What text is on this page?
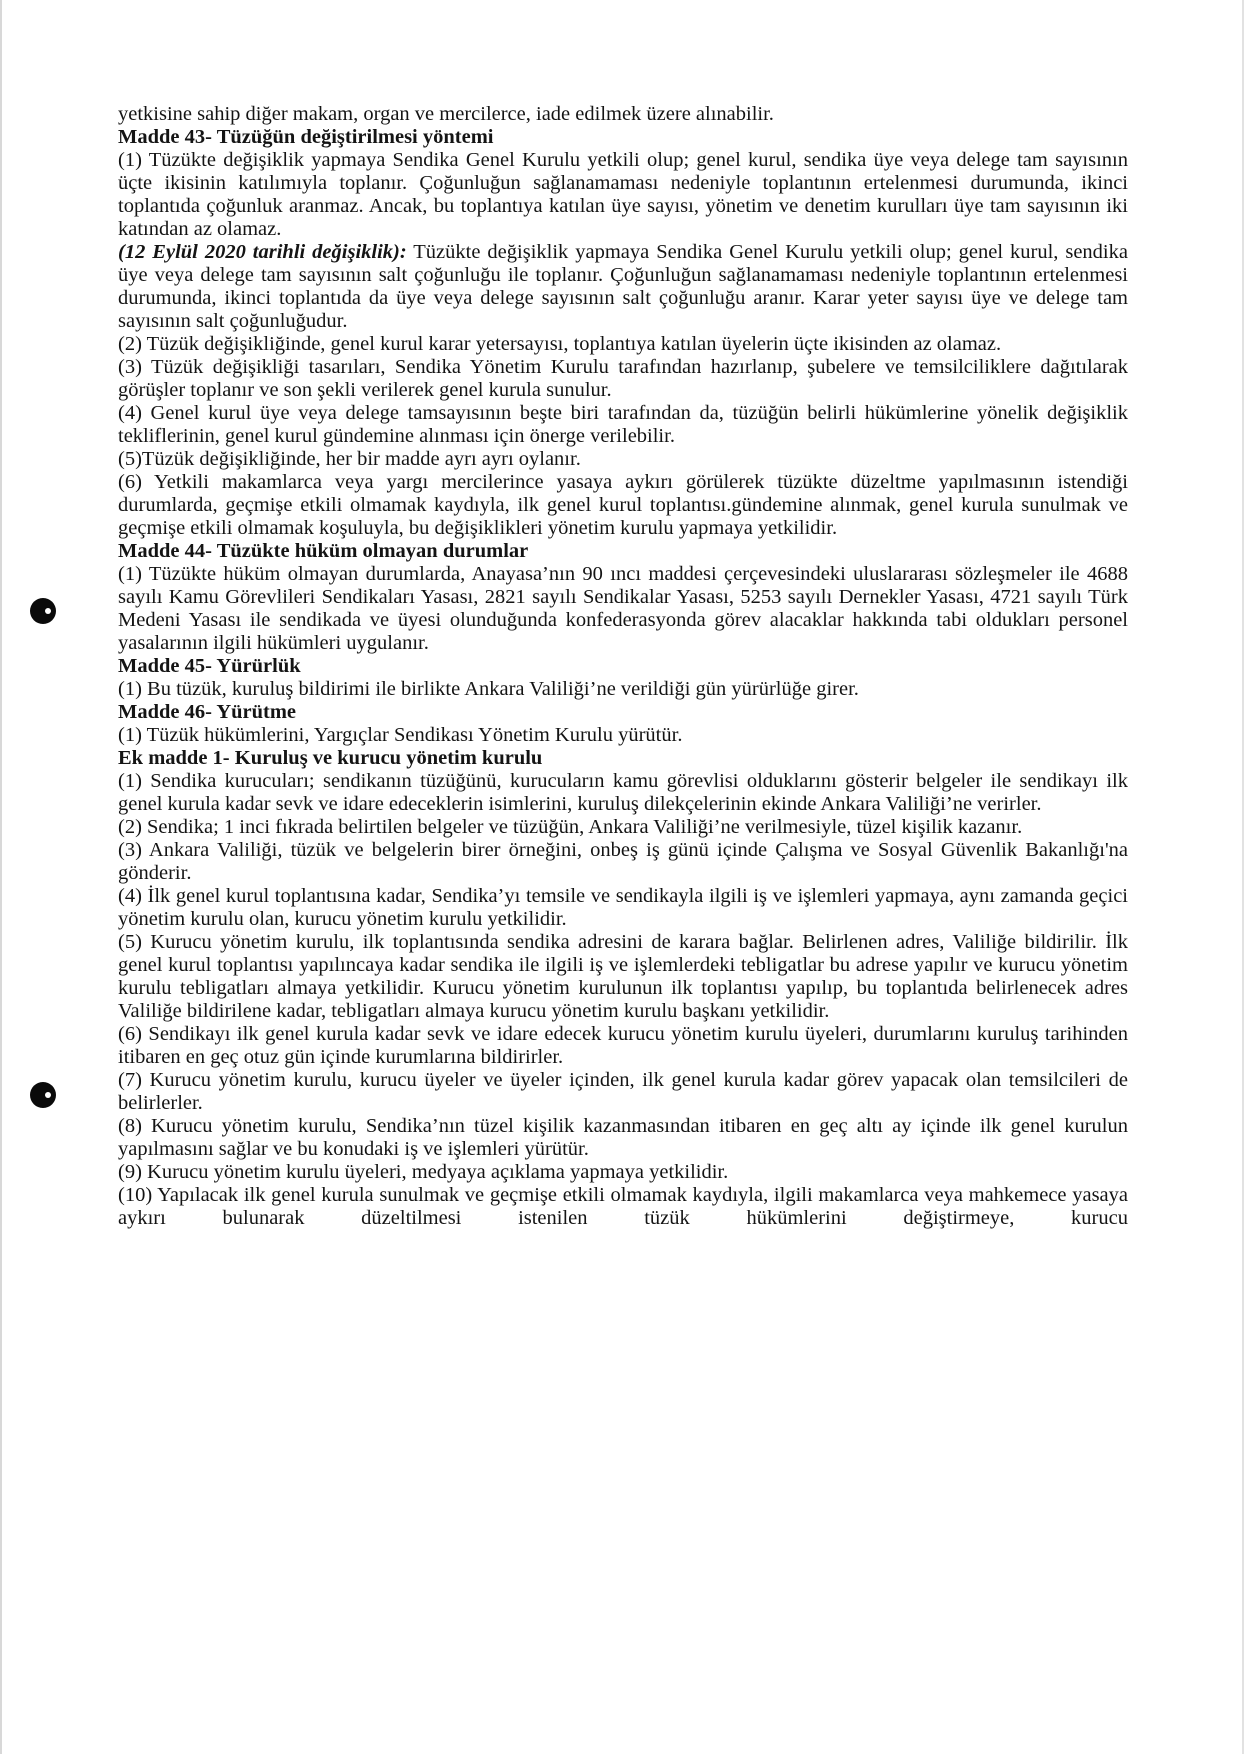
yetkisine sahip diğer makam, organ ve mercilerce, iade edilmek üzere alınabilir.

Madde 43- Tüzüğün değiştirilmesi yöntemi

(1) Tüzükte değişiklik yapmaya Sendika Genel Kurulu yetkili olup; genel kurul, sendika üye veya delege tam sayısının üçte ikisinin katılımıyla toplanır. Çoğunluğun sağlanamaması nedeniyle toplantının ertelenmesi durumunda, ikinci toplantıda çoğunluk aranmaz. Ancak, bu toplantıya katılan üye sayısı, yönetim ve denetim kurulları üye tam sayısının iki katından az olamaz.

(12 Eylül 2020 tarihli değişiklik): Tüzükte değişiklik yapmaya Sendika Genel Kurulu yetkili olup; genel kurul, sendika üye veya delege tam sayısının salt çoğunluğu ile toplanır. Çoğunluğun sağlanamaması nedeniyle toplantının ertelenmesi durumunda, ikinci toplantıda da üye veya delege sayısının salt çoğunluğu aranır. Karar yeter sayısı üye ve delege tam sayısının salt çoğunluğudur.

(2) Tüzük değişikliğinde, genel kurul karar yetersayısı, toplantıya katılan üyelerin üçte ikisinden az olamaz.

(3) Tüzük değişikliği tasarıları, Sendika Yönetim Kurulu tarafından hazırlanıp, şubelere ve temsilciliklere dağıtılarak görüşler toplanır ve son şekli verilerek genel kurula sunulur.

(4) Genel kurul üye veya delege tamsayısının beşte biri tarafından da, tüzüğün belirli hükümlerine yönelik değişiklik tekliflerinin, genel kurul gündemine alınması için önerge verilebilir.

(5)Tüzük değişikliğinde, her bir madde ayrı ayrı oylanır.

(6) Yetkili makamlarca veya yargı mercilerince yasaya aykırı görülerek tüzükte düzeltme yapılmasının istendiği durumlarda, geçmişe etkili olmamak kaydıyla, ilk genel kurul toplantısı.gündemine alınmak, genel kurula sunulmak ve geçmişe etkili olmamak koşuluyla, bu değişiklikleri yönetim kurulu yapmaya yetkilidir.

Madde 44- Tüzükte hüküm olmayan durumlar

(1) Tüzükte hüküm olmayan durumlarda, Anayasa’nın 90 ıncı maddesi çerçevesindeki uluslararası sözleşmeler ile 4688 sayılı Kamu Görevlileri Sendikaları Yasası, 2821 sayılı Sendikalar Yasası, 5253 sayılı Dernekler Yasası, 4721 sayılı Türk Medeni Yasası ile sendikada ve üyesi olunduğunda konfederasyonda görev alacaklar hakkında tabi oldukları personel yasalarının ilgili hükümleri uygulanır.

Madde 45- Yürürlük

(1) Bu tüzük, kuruluş bildirimi ile birlikte Ankara Valiliği’ne verildiği gün yürürlüğe girer.

Madde 46- Yürütme

(1) Tüzük hükümlerini, Yargıçlar Sendikası Yönetim Kurulu yürütür.

Ek madde 1- Kuruluş ve kurucu yönetim kurulu

(1) Sendika kurucuları; sendikanın tüzüğünü, kurucuların kamu görevlisi olduklarını gösterir belgeler ile sendikayı ilk genel kurula kadar sevk ve idare edeceklerin isimlerini, kuruluş dilekçelerinin ekinde Ankara Valiliği’ne verirler.

(2) Sendika; 1 inci fıkrada belirtilen belgeler ve tüzüğün, Ankara Valiliği’ne verilmesiyle, tüzel kişilik kazanır.

(3) Ankara Valiliği, tüzük ve belgelerin birer örneğini, onbeş iş günü içinde Çalışma ve Sosyal Güvenlik Bakanlığı'na gönderir.

(4) İlk genel kurul toplantısına kadar, Sendika’yı temsile ve sendikayla ilgili iş ve işlemleri yapmaya, aynı zamanda geçici yönetim kurulu olan, kurucu yönetim kurulu yetkilidir.

(5) Kurucu yönetim kurulu, ilk toplantısında sendika adresini de karara bağlar. Belirlenen adres, Valiliğe bildirilir. İlk genel kurul toplantısı yapılıncaya kadar sendika ile ilgili iş ve işlemlerdeki tebligatlar bu adrese yapılır ve kurucu yönetim kurulu tebligatları almaya yetkilidir. Kurucu yönetim kurulunun ilk toplantısı yapılıp, bu toplantıda belirlenecek adres Valiliğe bildirilene kadar, tebligatları almaya kurucu yönetim kurulu başkanı yetkilidir.

(6) Sendikayı ilk genel kurula kadar sevk ve idare edecek kurucu yönetim kurulu üyeleri, durumlarını kuruluş tarihinden itibaren en geç otuz gün içinde kurumlarına bildirirler.

(7) Kurucu yönetim kurulu, kurucu üyeler ve üyeler içinden, ilk genel kurula kadar görev yapacak olan temsilcileri de belirlerler.

(8) Kurucu yönetim kurulu, Sendika’nın tüzel kişilik kazanmasından itibaren en geç altı ay içinde ilk genel kurulun yapılmasını sağlar ve bu konudaki iş ve işlemleri yürütür.

(9) Kurucu yönetim kurulu üyeleri, medyaya açıklama yapmaya yetkilidir.

(10) Yapılacak ilk genel kurula sunulmak ve geçmişe etkili olmamak kaydıyla, ilgili makamlarca veya mahkemece yasaya aykırı bulunarak düzeltilmesi istenilen tüzük hükümlerini değiştirmeye, kurucu
